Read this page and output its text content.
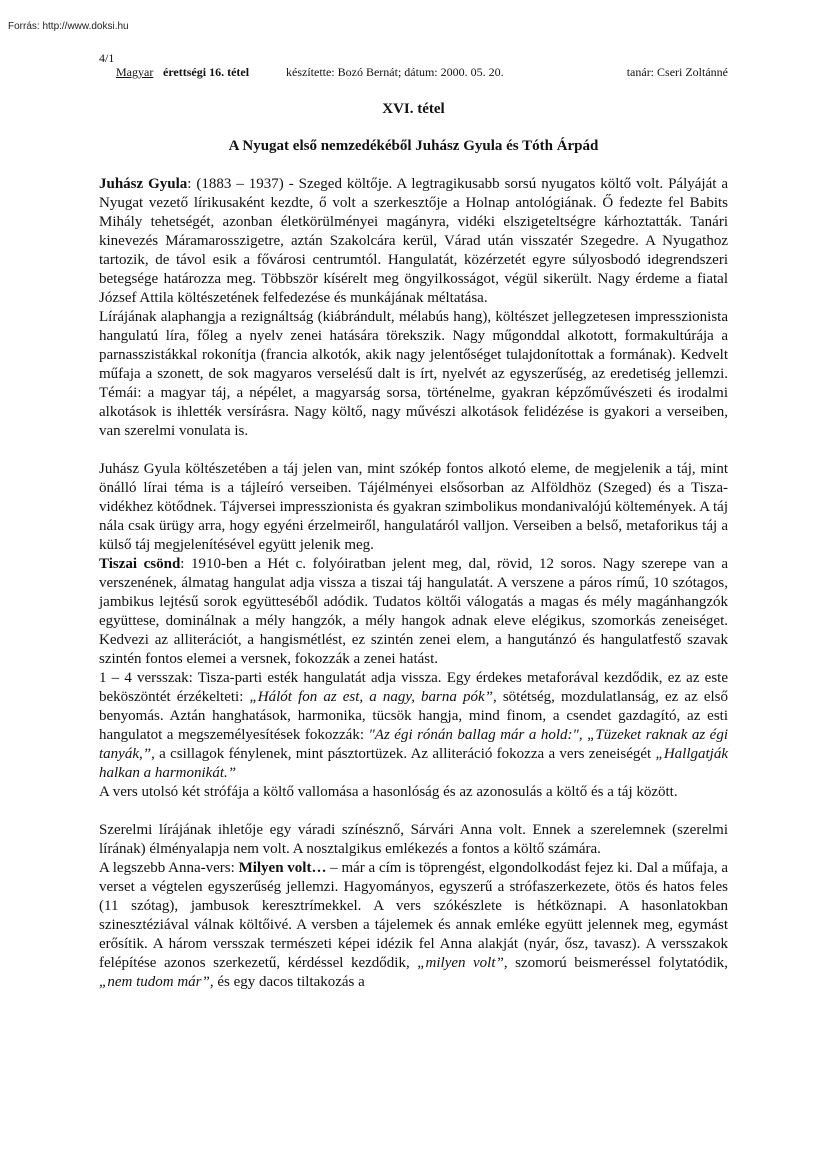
Forrás: http://www.doksi.hu
4/1
Magyar érettségi 16. tétel	készítette: Bozó Bernát; dátum: 2000. 05. 20.	tanár: Cseri Zoltánné
XVI. tétel
A Nyugat első nemzedékéből Juhász Gyula és Tóth Árpád

Juhász Gyula: (1883 – 1937) - Szeged költője. A legtragikusabb sorsú nyugatos költő volt. Pályáját a Nyugat vezető lírikusaként kezdte, ő volt a szerkesztője a Holnap antológiának. Ő fedezte fel Babits Mihály tehetségét, azonban életkörülményei magányra, vidéki elszigeteltségre kárhoztatták. Tanári kinevezés Máramarosszigetre, aztán Szakolcára kerül, Várad után visszatér Szegedre. A Nyugathoz tartozik, de távol esik a fővárosi centrumtól. Hangulatát, közérzetét egyre súlyosbodó idegrendszeri betegsége határozza meg. Többször kísérelt meg öngyilkosságot, végül sikerült. Nagy érdeme a fiatal József Attila költészetének felfedezése és munkájának méltatása.

Lírájának alaphangja a rezignáltság (kiábrándult, mélabús hang), költészet jellegzetesen impresszionista hangulatú líra, főleg a nyelv zenei hatására törekszik. Nagy műgonddal alkotott, formakultúrája a parnasszistákkal rokonítja (francia alkotók, akik nagy jelentőséget tulajdonítottak a formának). Kedvelt műfaja a szonett, de sok magyaros verselésű dalt is írt, nyelvét az egyszerűség, az eredetiség jellemzi. Témái: a magyar táj, a népélet, a magyarság sorsa, történelme, gyakran képzőművészeti és irodalmi alkotások is ihlették versírásra. Nagy költő, nagy művészi alkotások felidézése is gyakori a verseiben, van szerelmi vonulata is.

Juhász Gyula költészetében a táj jelen van, mint szókép fontos alkotó eleme, de megjelenik a táj, mint önálló lírai téma is a tájleíró verseiben. Tájélményei elsősorban az Alföldhöz (Szeged) és a Tisza-vidékhez kötődnek. Tájversei impresszionista és gyakran szimbolikus mondanivalójú költemények. A táj nála csak ürügy arra, hogy egyéni érzelmeiről, hangulatáról valljon. Verseiben a belső, metaforikus táj a külső táj megjelenítésével együtt jelenik meg.

Tiszai csönd: 1910-ben a Hét c. folyóiratban jelent meg, dal, rövid, 12 soros. Nagy szerepe van a verszenének, álmatag hangulat adja vissza a tiszai táj hangulatát. A verszene a páros rímű, 10 szótagos, jambikus lejtésű sorok együtteséből adódik. Tudatos költői válogatás a magas és mély magánhangzók együttese, dominálnak a mély hangzók, a mély hangok adnak eleve elégikus, szomorkás zeneiséget. Kedvezi az alliterációt, a hangismétlést, ez szintén zenei elem, a hangutánzó és hangulatfestő szavak szintén fontos elemei a versnek, fokozzák a zenei hatást.

1 – 4 versszak: Tisza-parti esték hangulatát adja vissza. Egy érdekes metaforával kezdődik, ez az este beköszöntét érzékelteti: „Hálót fon az est, a nagy, barna pók”, sötétség, mozdulatlanság, ez az első benyomás. Aztán hanghatások, harmonika, tücsök hangja, mind finom, a csendet gazdagító, az esti hangulatot a megszemélyesítések fokozzák: "Az égi rónán ballag már a hold:", „Tüzeket raknak az égi tanyák,”, a csillagok fénylenek, mint pásztortüzek. Az alliteráció fokozza a vers zeneiségét „Hallgatják halkan a harmonikát.”

A vers utolsó két strófája a költő vallomása a hasonlóság és az azonosulás a költő és a táj között.

Szerelmi lírájának ihletője egy váradi színésznő, Sárvári Anna volt. Ennek a szerelemnek (szerelmi lírának) élményalapja nem volt. A nosztalgikus emlékezés a fontos a költő számára.

A legszebb Anna-vers: Milyen volt… – már a cím is töprengést, elgondolkodást fejez ki. Dal a műfaja, a verset a végtelen egyszerűség jellemzi. Hagyományos, egyszerű a strófaszerkezete, ötös és hatos feles (11 szótag), jambusok keresztrímekkel. A vers szókészlete is hétköznapi. A hasonlatokban szinesztéziával válnak költőivé. A versben a tájelemek és annak emléke együtt jelennek meg, egymást erősítik. A három versszak természeti képei idézik fel Anna alakját (nyár, ősz, tavasz). A versszakok felépítése azonos szerkezetű, kérdéssel kezdődik, „milyen volt”, szomorú beismeréssel folytatódik, „nem tudom már”, és egy dacos tiltakozás a
